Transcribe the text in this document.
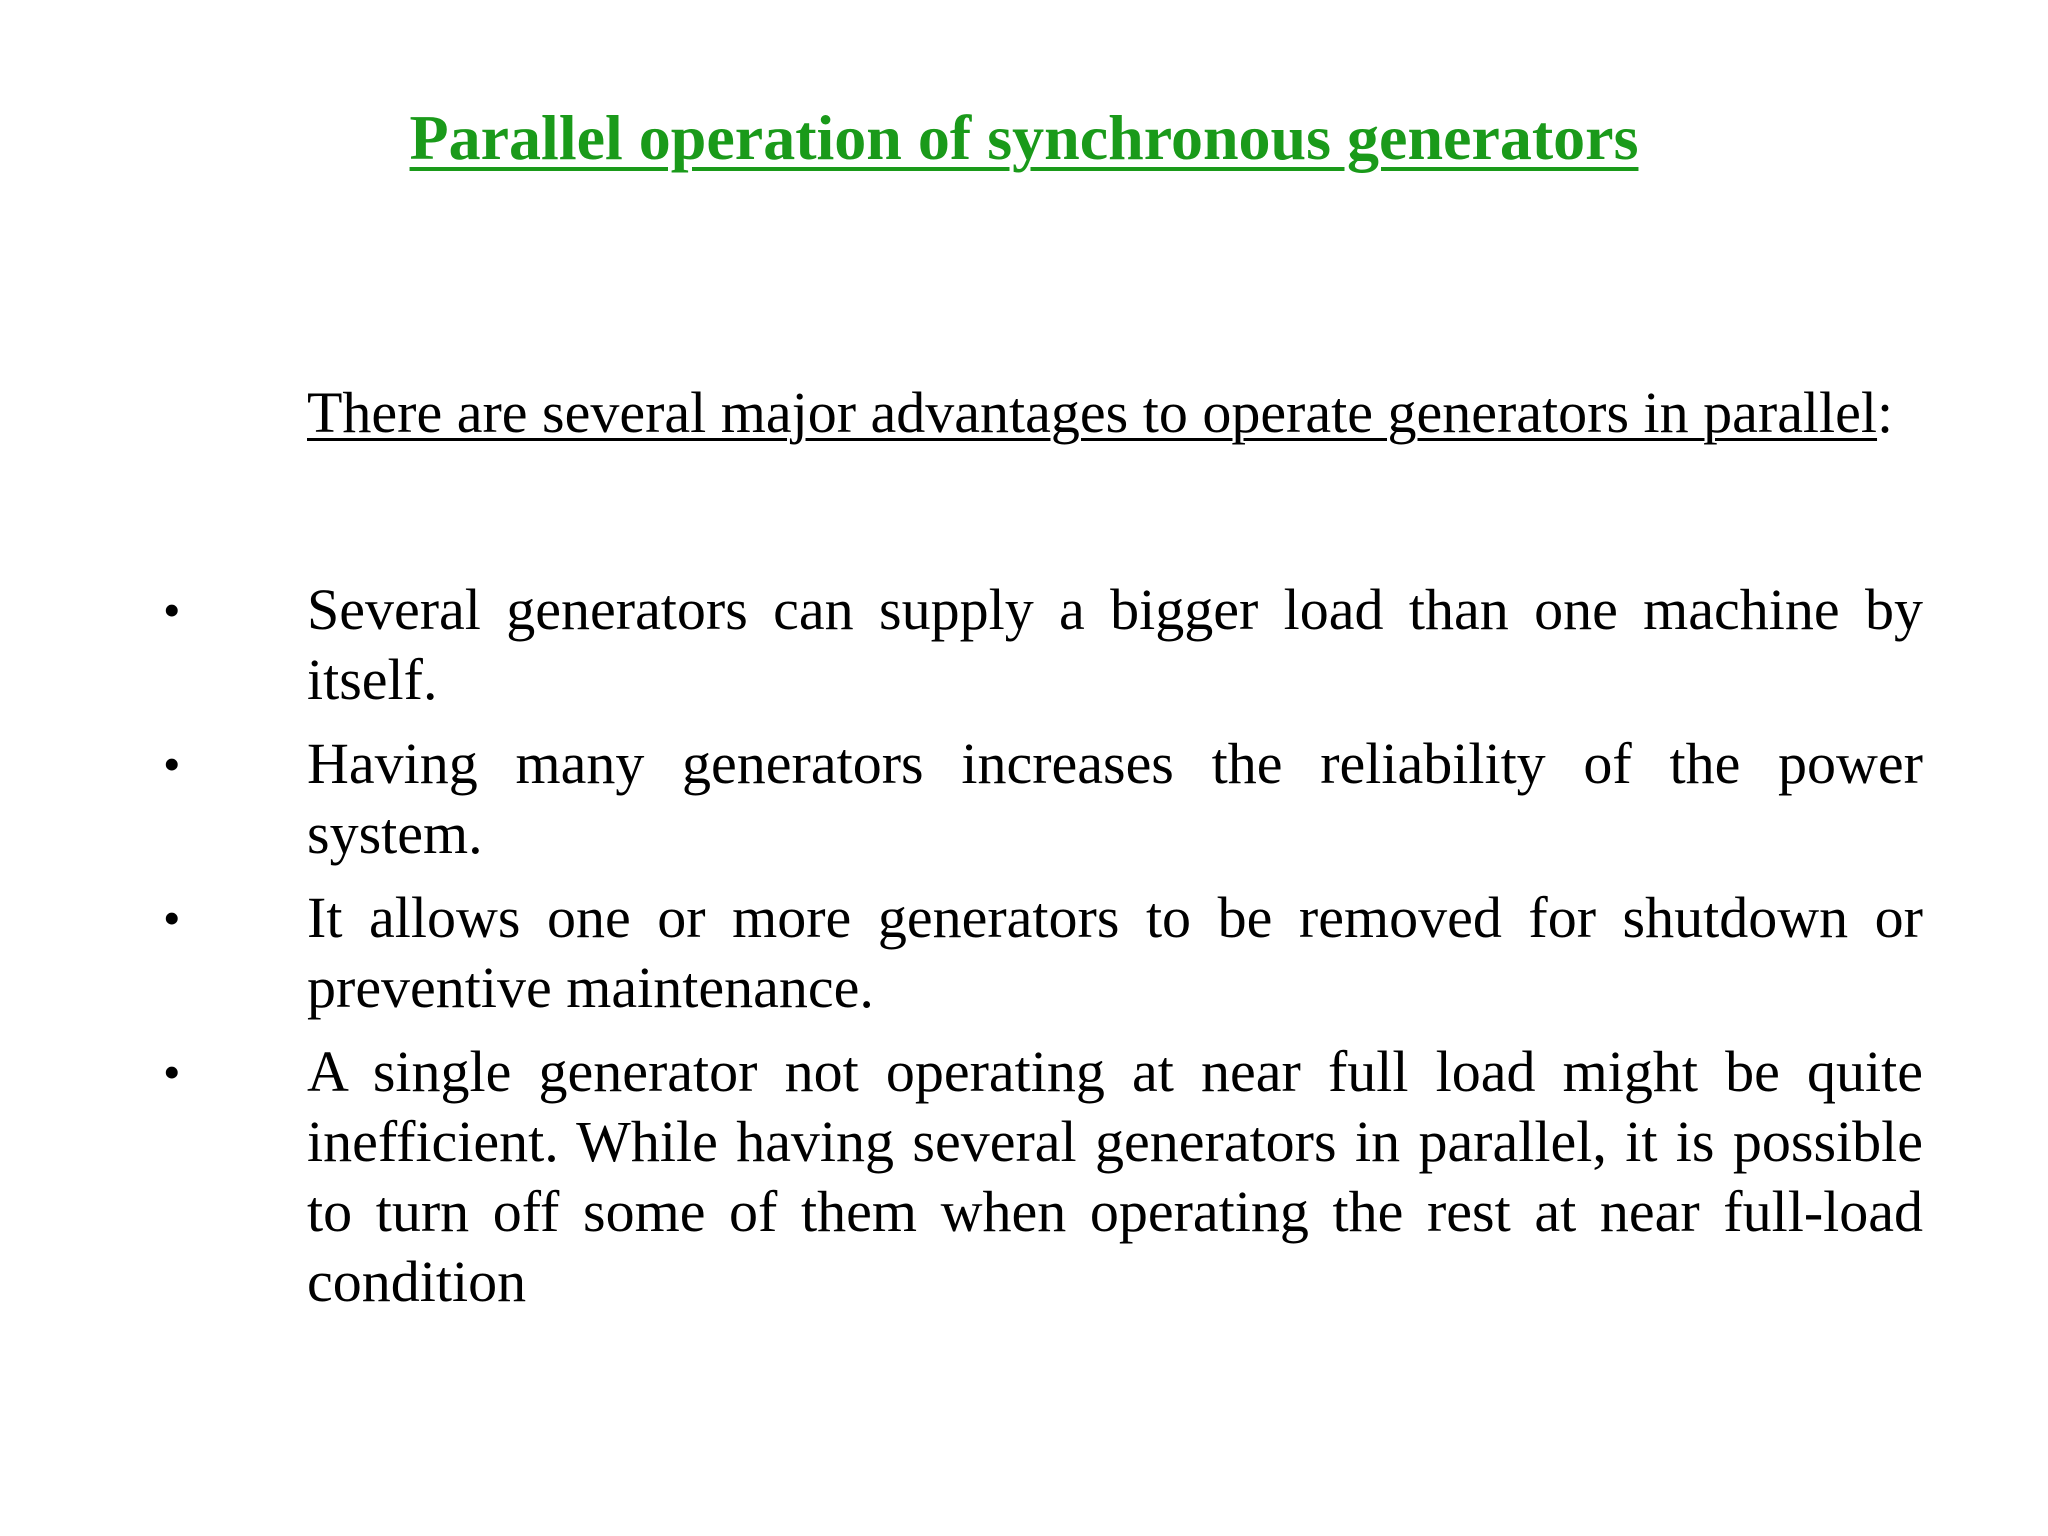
Parallel operation of synchronous generators

There are several major advantages to operate generators in parallel:

• Several generators can supply a bigger load than one machine by itself.
• Having many generators increases the reliability of the power system.
• It allows one or more generators to be removed for shutdown or preventive maintenance.
• A single generator not operating at near full load might be quite inefficient. While having several generators in parallel, it is possible to turn off some of them when operating the rest at near full-load condition
